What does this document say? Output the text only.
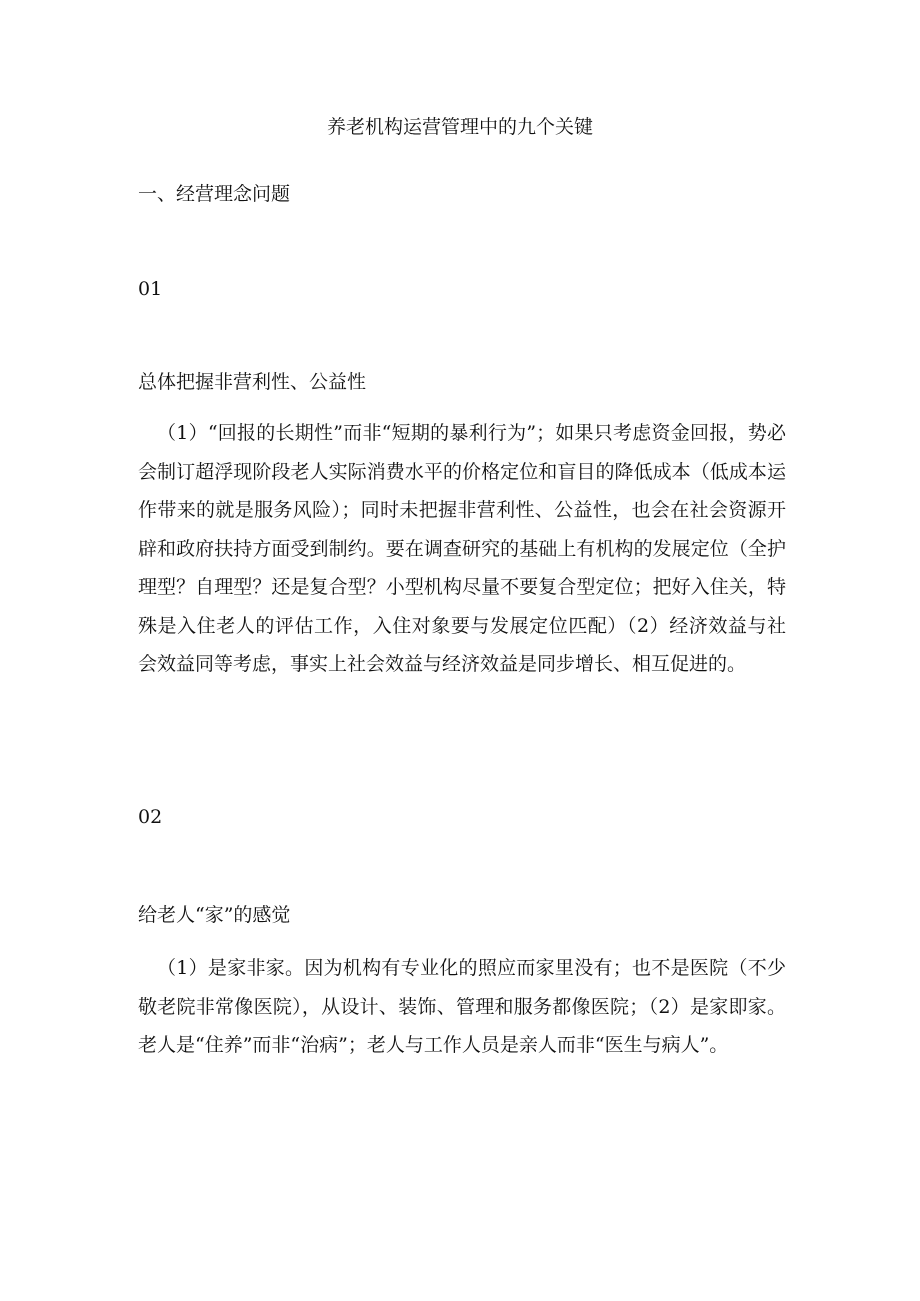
养老机构运营管理中的九个关键

一、经营理念问题

01

总体把握非营利性、公益性

（1）“回报的长期性”而非“短期的暴利行为”；如果只考虑资金回报，势必会制订超浮现阶段老人实际消费水平的价格定位和盲目的降低成本（低成本运作带来的就是服务风险）；同时未把握非营利性、公益性，也会在社会资源开辟和政府扶持方面受到制约。要在调查研究的基础上有机构的发展定位（全护理型？自理型？还是复合型？小型机构尽量不要复合型定位；把好入住关，特殊是入住老人的评估工作，入住对象要与发展定位匹配）（2）经济效益与社会效益同等考虑，事实上社会效益与经济效益是同步增长、相互促进的。

02

给老人“家”的感觉

（1）是家非家。因为机构有专业化的照应而家里没有；也不是医院（不少敬老院非常像医院），从设计、装饰、管理和服务都像医院；（2）是家即家。老人是“住养”而非“治病”；老人与工作人员是亲人而非“医生与病人”。
